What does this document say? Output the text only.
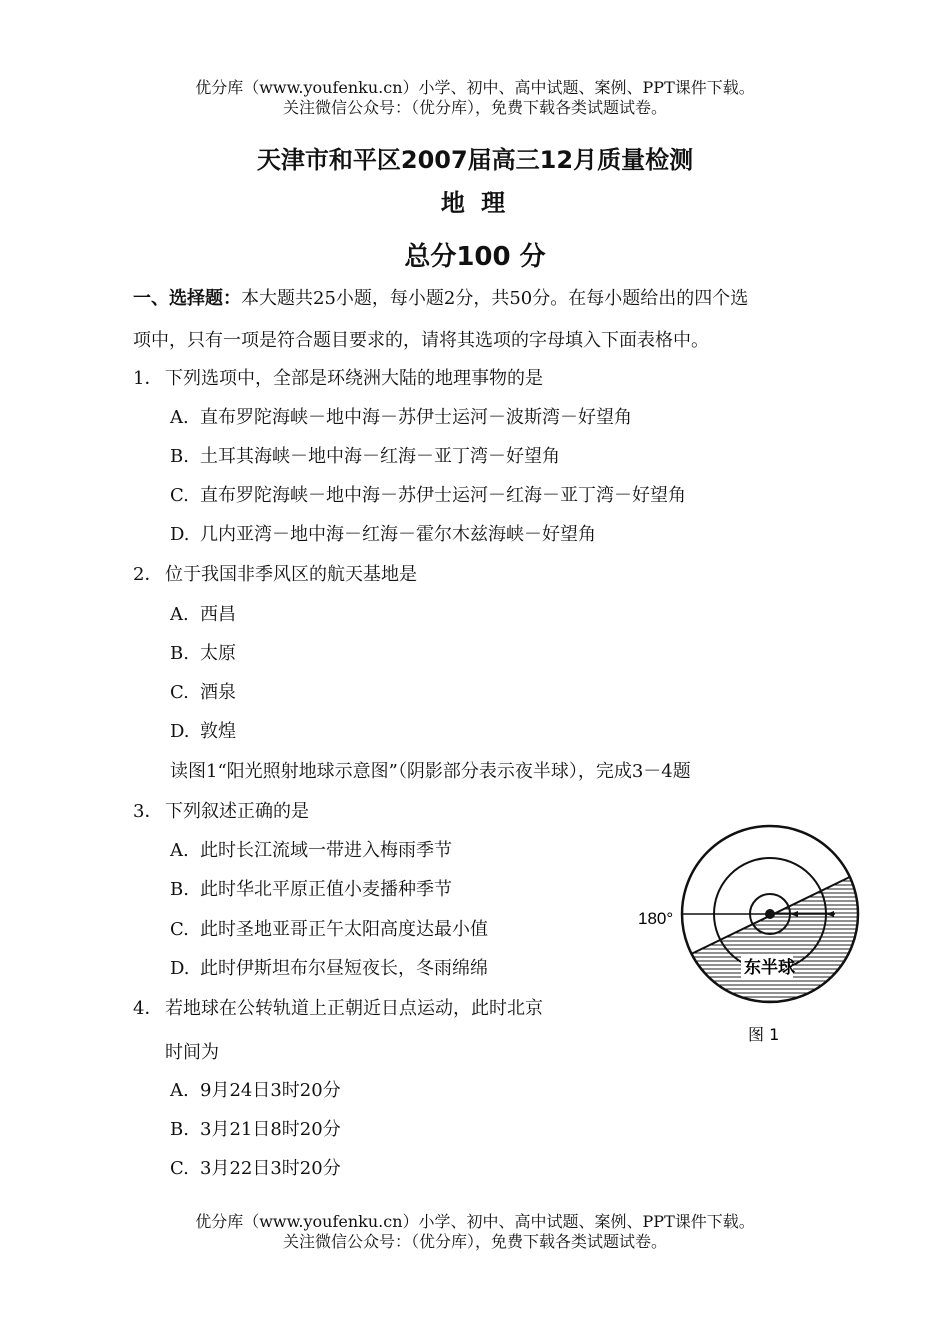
优分库（www.youfenku.cn）小学、初中、高中试题、案例、PPT课件下载。
关注微信公众号：（优分库），免费下载各类试题试卷。
天津市和平区2007届高三12月质量检测
地 理
总分100 分
一、选择题：本大题共25小题，每小题2分，共50分。在每小题给出的四个选
项中，只有一项是符合题目要求的，请将其选项的字母填入下面表格中。
1． 下列选项中，全部是环绕洲大陆的地理事物的是
A. 直布罗陀海峡－地中海－苏伊士运河－波斯湾－好望角
B. 土耳其海峡－地中海－红海－亚丁湾－好望角
C. 直布罗陀海峡－地中海－苏伊士运河－红海－亚丁湾－好望角
D. 几内亚湾－地中海－红海－霍尔木兹海峡－好望角
2． 位于我国非季风区的航天基地是
A. 西昌
B. 太原
C. 酒泉
D. 敦煌
读图1“阳光照射地球示意图”（阴影部分表示夜半球），完成3－4题
3． 下列叙述正确的是
A. 此时长江流域一带进入梅雨季节
B. 此时华北平原正值小麦播种季节
C. 此时圣地亚哥正午太阳高度达最小值
D. 此时伊斯坦布尔昼短夜长，冬雨绵绵
4． 若地球在公转轨道上正朝近日点运动，此时北京
时间为
A. 9月24日3时20分
B. 3月21日8时20分
C. 3月22日3时20分
180°
东半球
图 1
优分库（www.youfenku.cn）小学、初中、高中试题、案例、PPT课件下载。
关注微信公众号：（优分库），免费下载各类试题试卷。
